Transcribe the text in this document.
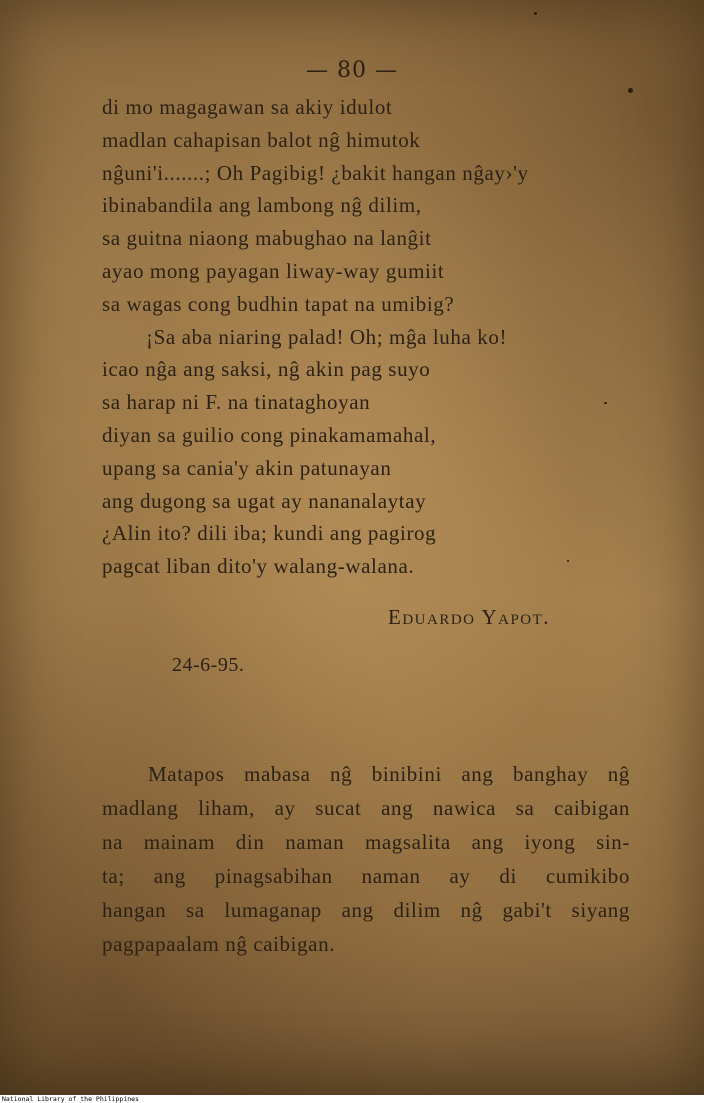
— 80 —
di mo magagawan sa akiy idulot
madlan cahapisan balot nĝ himutok
nĝuni'i.......; Oh Pagibig! ¿bakit hangan nĝay›'y
ibinabandila ang lambong nĝ dilim,
sa guitna niaong mabughao na lanĝit
ayao mong payagan liway-way gumiit
sa wagas cong budhin tapat na umibig?
¡Sa aba niaring palad! Oh; mĝa luha ko!
icao nĝa ang saksi, nĝ akin pag suyo
sa harap ni F. na tinataghoyan
diyan sa guilio cong pinakamamahal,
upang sa cania'y akin patunayan
ang dugong sa ugat ay nananalaytay
¿Alin ito? dili iba; kundi ang pagirog
pagcat liban dito'y walang-walana.
Eduardo Yapot.
24-6-95.
Matapos mabasa nĝ binibini ang banghay nĝ
madlang liham, ay sucat ang nawica sa caibigan
na mainam din naman magsalita ang iyong sin-
ta; ang pinagsabihan naman ay di cumikibo
hangan sa lumaganap ang dilim nĝ gabi't siyang
pagpapaalam nĝ caibigan.
National Library of the Philippines
